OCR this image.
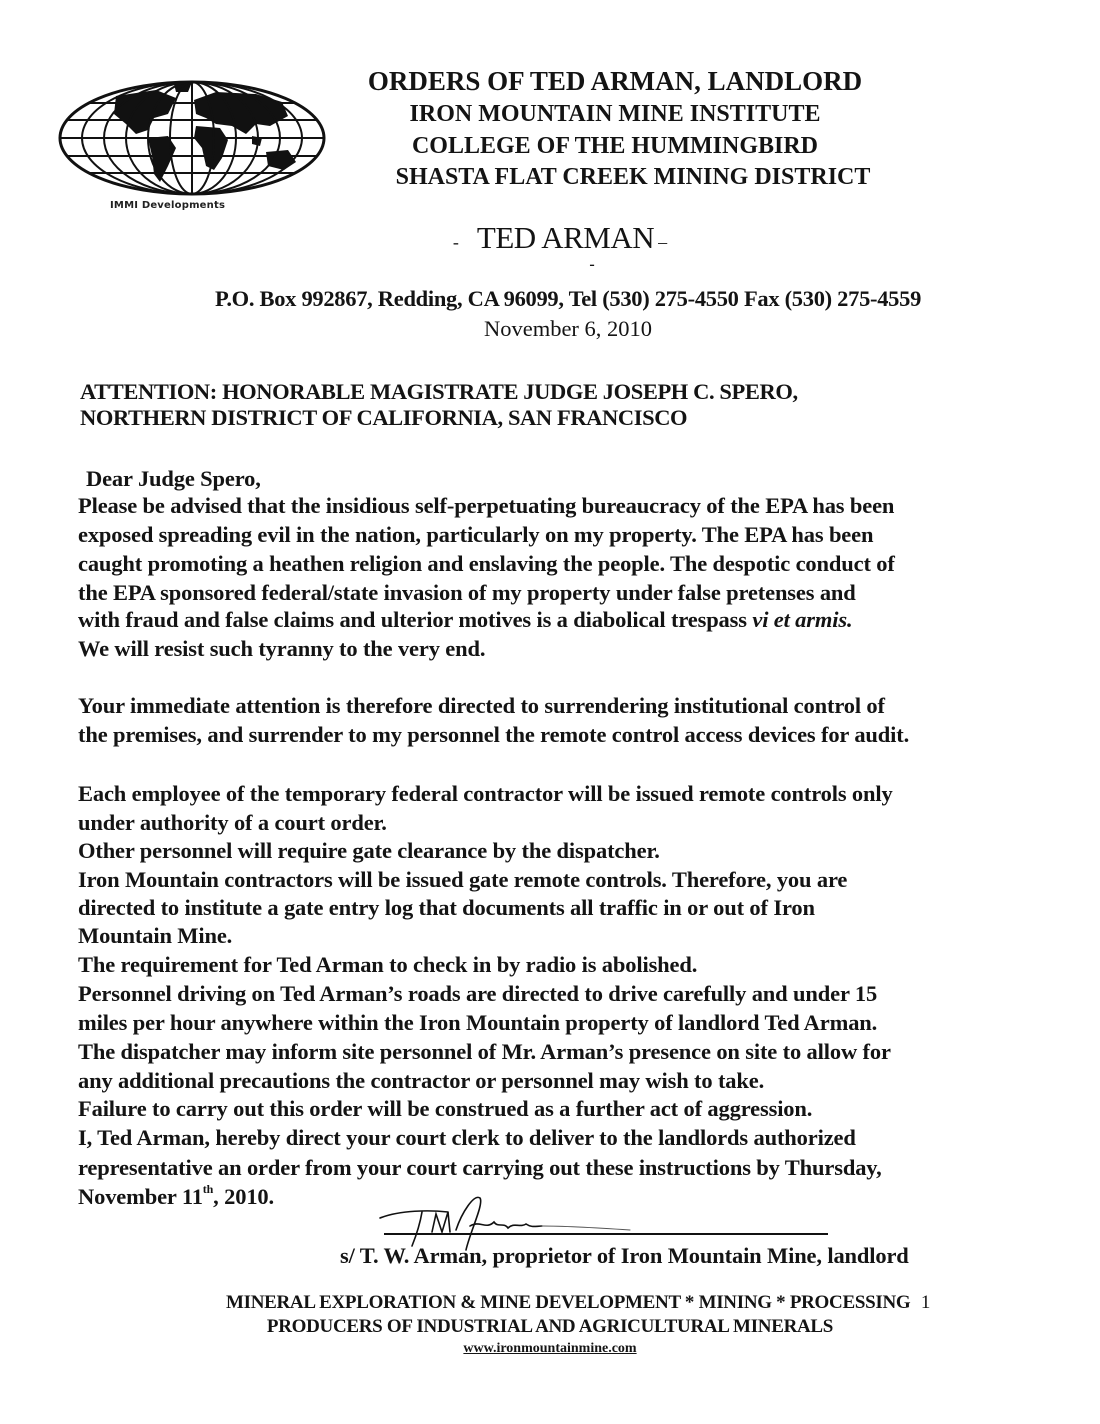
IMMI Developments
ORDERS OF TED ARMAN, LANDLORD
IRON MOUNTAIN MINE INSTITUTE
COLLEGE OF THE HUMMINGBIRD
SHASTA FLAT CREEK MINING DISTRICT
- TED ARMAN –
-
P.O. Box 992867, Redding, CA 96099, Tel (530) 275-4550 Fax (530) 275-4559
November 6, 2010
ATTENTION: HONORABLE MAGISTRATE JUDGE JOSEPH C. SPERO,
NORTHERN DISTRICT OF CALIFORNIA, SAN FRANCISCO
Dear Judge Spero,
Please be advised that the insidious self-perpetuating bureaucracy of the EPA has been
exposed spreading evil in the nation, particularly on my property. The EPA has been
caught promoting a heathen religion and enslaving the people. The despotic conduct of
the EPA sponsored federal/state invasion of my property under false pretenses and
with fraud and false claims and ulterior motives is a diabolical trespass vi et armis.
We will resist such tyranny to the very end.
Your immediate attention is therefore directed to surrendering institutional control of
the premises, and surrender to my personnel the remote control access devices for audit.
Each employee of the temporary federal contractor will be issued remote controls only
under authority of a court order.
Other personnel will require gate clearance by the dispatcher.
Iron Mountain contractors will be issued gate remote controls. Therefore, you are
directed to institute a gate entry log that documents all traffic in or out of Iron
Mountain Mine.
The requirement for Ted Arman to check in by radio is abolished.
Personnel driving on Ted Arman’s roads are directed to drive carefully and under 15
miles per hour anywhere within the Iron Mountain property of landlord Ted Arman.
The dispatcher may inform site personnel of Mr. Arman’s presence on site to allow for
any additional precautions the contractor or personnel may wish to take.
Failure to carry out this order will be construed as a further act of aggression.
I, Ted Arman, hereby direct your court clerk to deliver to the landlords authorized
representative an order from your court carrying out these instructions by Thursday,
November 11th, 2010.
s/ T. W. Arman, proprietor of Iron Mountain Mine, landlord
MINERAL EXPLORATION & MINE DEVELOPMENT * MINING * PROCESSING 1
PRODUCERS OF INDUSTRIAL AND AGRICULTURAL MINERALS
www.ironmountainmine.com
